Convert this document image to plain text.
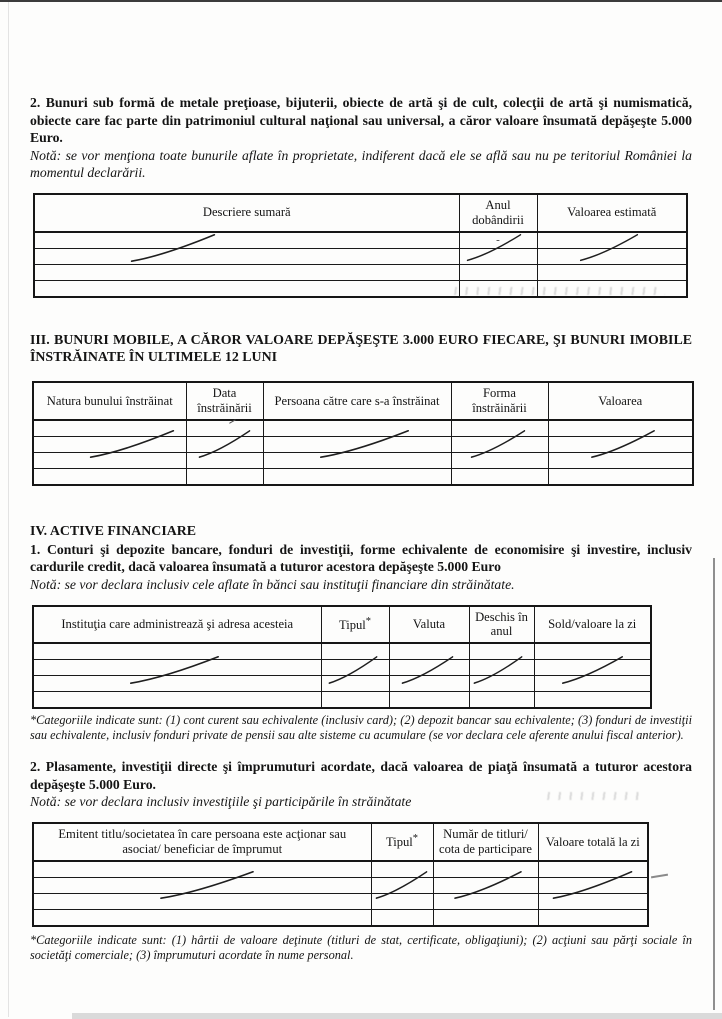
2. Bunuri sub formă de metale preţioase, bijuterii, obiecte de artă şi de cult, colecţii de artă şi numismatică, obiecte care fac parte din patrimoniul cultural naţional sau universal, a căror valoare însumată depăşeşte 5.000 Euro.

Notă: se vor menţiona toate bunurile aflate în proprietate, indiferent dacă ele se află sau nu pe teritoriul României la momentul declarării.

Descriere sumară	Anul dobândirii	Valoarea estimată
	-	

III. BUNURI MOBILE, A CĂROR VALOARE DEPĂŞEŞTE 3.000 EURO FIECARE, ŞI BUNURI IMOBILE ÎNSTRĂINATE ÎN ULTIMELE 12 LUNI

Natura bunului înstrăinat	Data înstrăinării	Persoana către care s-a înstrăinat	Forma înstrăinării	Valoarea

IV. ACTIVE FINANCIARE

1. Conturi şi depozite bancare, fonduri de investiţii, forme echivalente de economisire şi investire, inclusiv cardurile credit, dacă valoarea însumată a tuturor acestora depăşeşte 5.000 Euro

Notă: se vor declara inclusiv cele aflate în bănci sau instituţii financiare din străinătate.

Instituţia care administrează şi adresa acesteia	Tipul*	Valuta	Deschis în anul	Sold/valoare la zi

*Categoriile indicate sunt: (1) cont curent sau echivalente (inclusiv card); (2) depozit bancar sau echivalente; (3) fonduri de investiţii sau echivalente, inclusiv fonduri private de pensii sau alte sisteme cu acumulare (se vor declara cele aferente anului fiscal anterior).

2. Plasamente, investiţii directe şi împrumuturi acordate, dacă valoarea de piaţă însumată a tuturor acestora depăşeşte 5.000 Euro.

Notă: se vor declara inclusiv investiţiile şi participările în străinătate

Emitent titlu/societatea în care persoana este acţionar sau asociat/ beneficiar de împrumut	Tipul*	Număr de titluri/ cota de participare	Valoare totală la zi

*Categoriile indicate sunt: (1) hârtii de valoare deţinute (titluri de stat, certificate, obligaţiuni); (2) acţiuni sau părţi sociale în societăţi comerciale; (3) împrumuturi acordate în nume personal.
